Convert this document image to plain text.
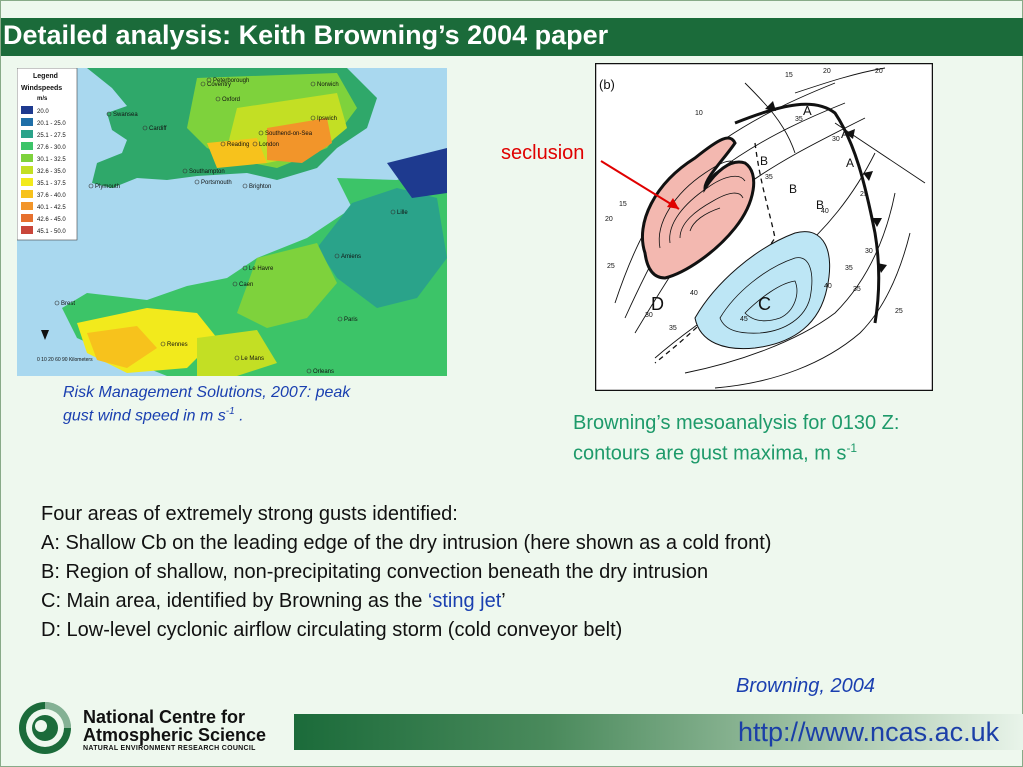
Detailed analysis: Keith Browning’s 2004 paper
Legend
Windspeeds
m/s
20.0
20.1 - 25.0
25.1 - 27.5
27.6 - 30.0
30.1 - 32.5
32.6 - 35.0
35.1 - 37.5
37.6 - 40.0
40.1 - 42.5
42.6 - 45.0
45.1 - 50.0
Peterborough
Norwich
Coventry
Ipswich
Swansea
Oxford
Cardiff
Reading London
Southend-on-Sea
Southampton
Portsmouth
Brighton
Plymouth
Lille
Amiens
Le Havre
Caen
Brest
Paris
Rennes
Le Mans
Orleans
0 10 20 60 90 Kilometers
Risk Management Solutions, 2007: peak
gust wind speed in m $s^{-1}$ .
(b)
A
A
A
B
B
B
C
D
20	20
15
15
10
20
25
25
30
35
35
35
40
40
40
45
30
35
25
30
35
seclusion
Browning’s mesoanalysis for 0130 Z:
contours are gust maxima, m $s^{-1}$
Four areas of extremely strong gusts identified:
A: Shallow Cb on the leading edge of the dry intrusion (here shown as a cold front)
B: Region of shallow, non-precipitating convection beneath the dry intrusion
C: Main area, identified by Browning as the ‘sting jet’
D: Low-level cyclonic airflow circulating storm (cold conveyor belt)
Browning, 2004
National Centre for
Atmospheric Science
NATURAL ENVIRONMENT RESEARCH COUNCIL
http://www.ncas.ac.uk
